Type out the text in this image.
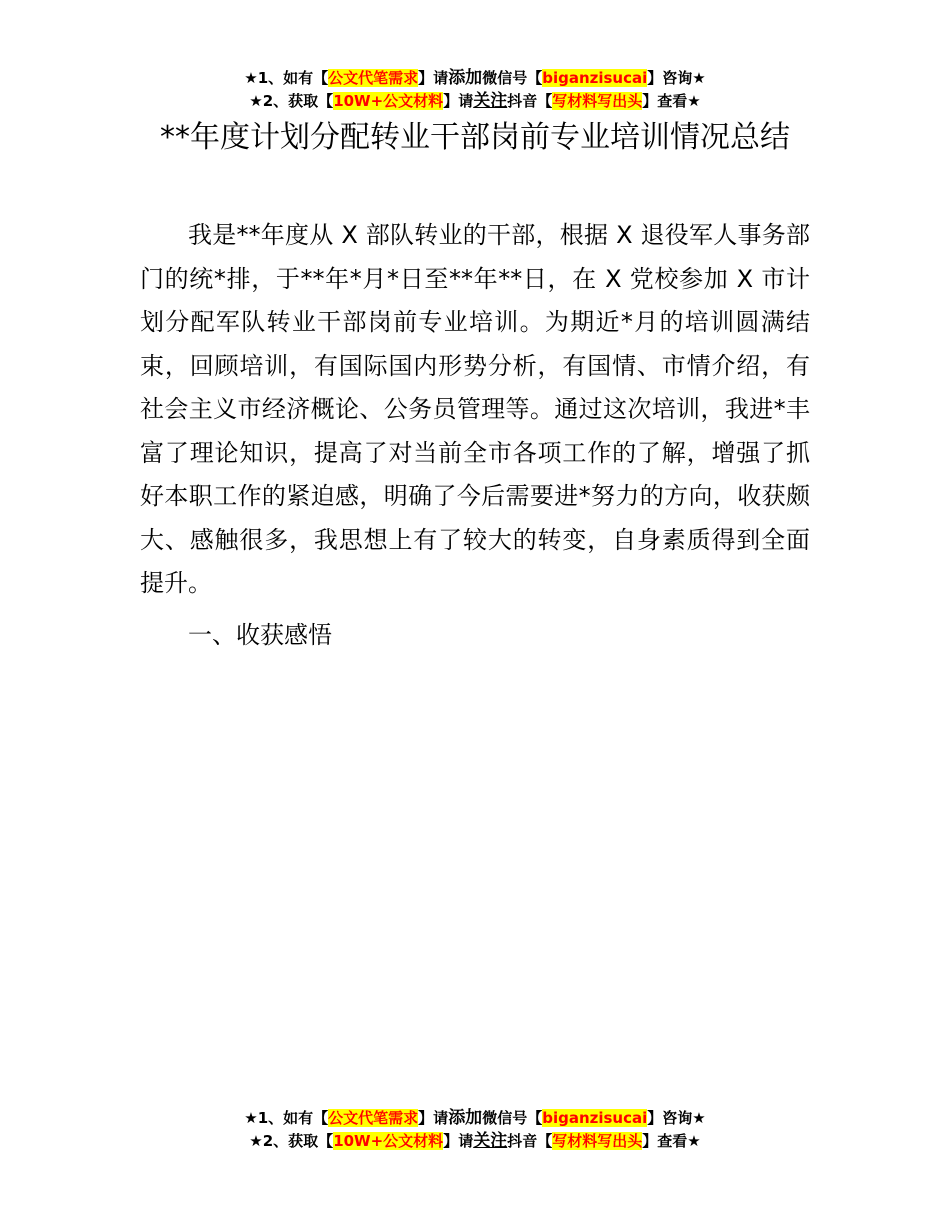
★1、如有【公文代笔需求】请添加微信号【biganzisucai】咨询★
★2、获取【10W+公文材料】请关注抖音【写材料写出头】查看★
**年度计划分配转业干部岗前专业培训情况总结

我是**年度从 X 部队转业的干部，根据 X 退役军人事务部门的统*排，于**年*月*日至**年**日，在 X 党校参加 X 市计划分配军队转业干部岗前专业培训。为期近*月的培训圆满结束，回顾培训，有国际国内形势分析，有国情、市情介绍，有社会主义市经济概论、公务员管理等。通过这次培训，我进*丰富了理论知识，提高了对当前全市各项工作的了解，增强了抓好本职工作的紧迫感，明确了今后需要进*努力的方向，收获颇大、感触很多，我思想上有了较大的转变，自身素质得到全面提升。

一、收获感悟
★1、如有【公文代笔需求】请添加微信号【biganzisucai】咨询★
★2、获取【10W+公文材料】请关注抖音【写材料写出头】查看★
